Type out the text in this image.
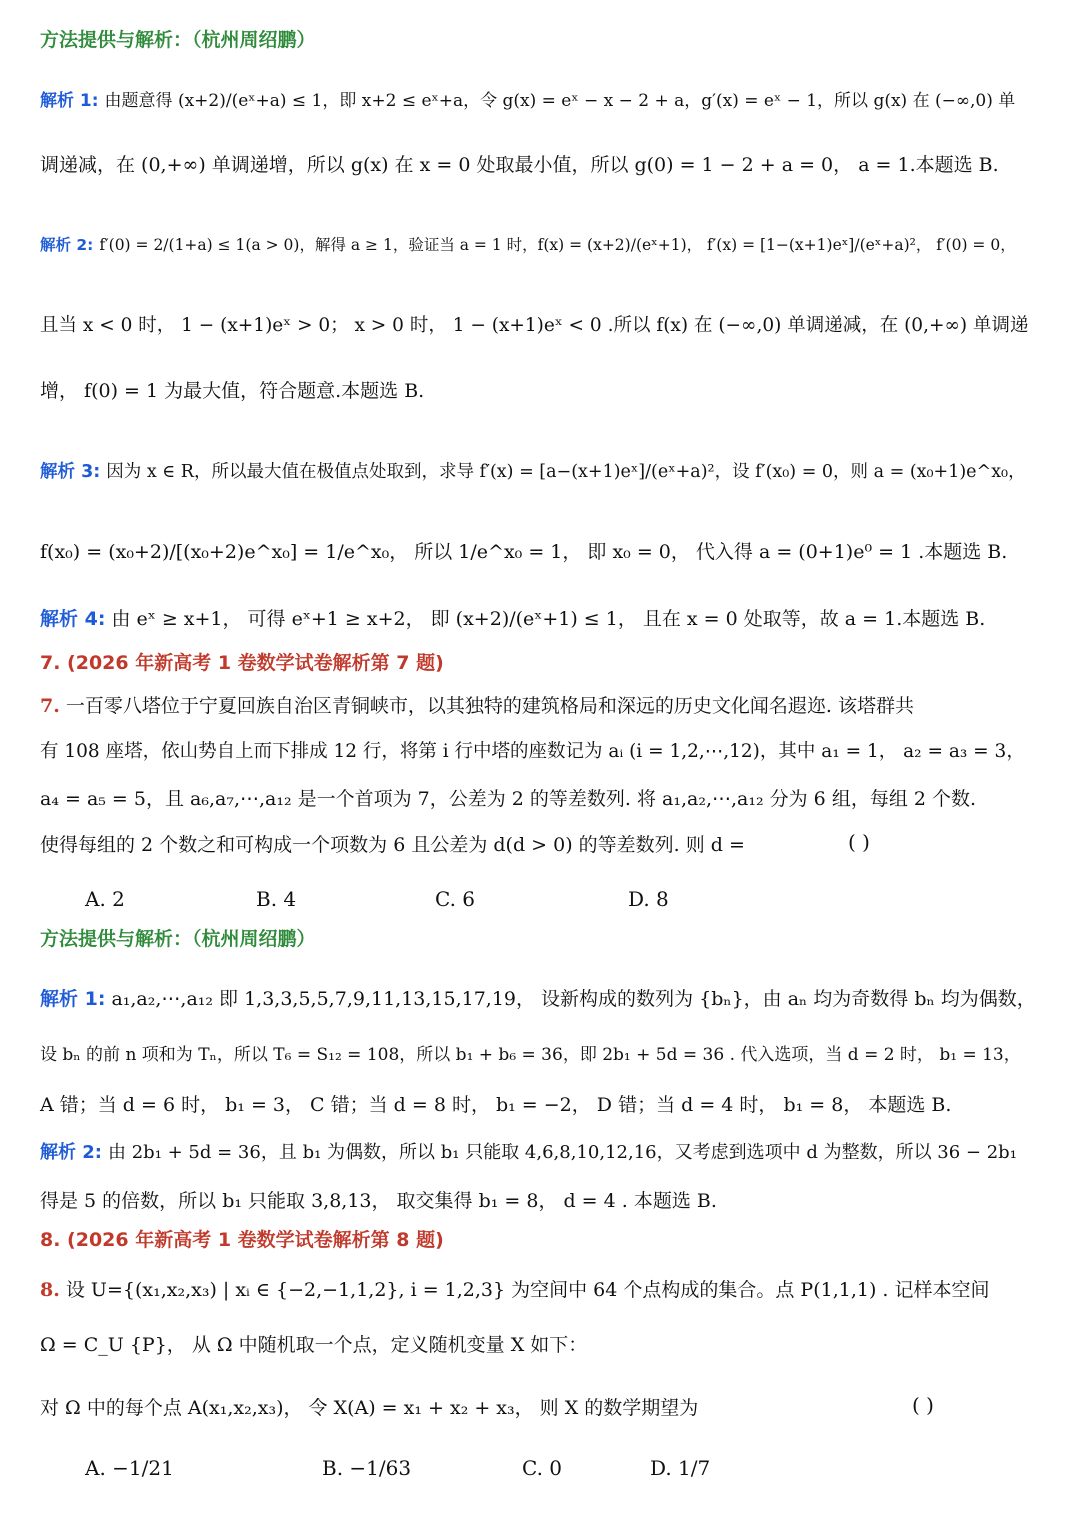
方法提供与解析：（杭州周绍鹏）
解析 1: 由题意得 (x+2)/(eˣ+a) ≤ 1，即 x+2 ≤ eˣ+a，令 g(x) = eˣ − x − 2 + a，g′(x) = eˣ − 1，所以 g(x) 在 (−∞,0) 单
调递减，在 (0,+∞) 单调递增，所以 g(x) 在 x = 0 处取最小值，所以 g(0) = 1 − 2 + a = 0， a = 1.本题选 B.
解析 2: f′(0) = 2/(1+a) ≤ 1(a > 0)，解得 a ≥ 1，验证当 a = 1 时，f(x) = (x+2)/(eˣ+1)， f′(x) = [1−(x+1)eˣ]/(eˣ+a)²， f′(0) = 0，
且当 x < 0 时， 1 − (x+1)eˣ > 0； x > 0 时， 1 − (x+1)eˣ < 0 .所以 f(x) 在 (−∞,0) 单调递减，在 (0,+∞) 单调递
增， f(0) = 1 为最大值，符合题意.本题选 B.
解析 3: 因为 x ∈ R，所以最大值在极值点处取到，求导 f′(x) = [a−(x+1)eˣ]/(eˣ+a)²，设 f′(x₀) = 0，则 a = (x₀+1)e^x₀，
f(x₀) = (x₀+2)/[(x₀+2)e^x₀] = 1/e^x₀， 所以 1/e^x₀ = 1， 即 x₀ = 0， 代入得 a = (0+1)e⁰ = 1 .本题选 B.
解析 4: 由 eˣ ≥ x+1， 可得 eˣ+1 ≥ x+2， 即 (x+2)/(eˣ+1) ≤ 1， 且在 x = 0 处取等，故 a = 1.本题选 B.
7. (2026 年新高考 1 卷数学试卷解析第 7 题)
7. 一百零八塔位于宁夏回族自治区青铜峡市，以其独特的建筑格局和深远的历史文化闻名遐迩. 该塔群共
有 108 座塔，依山势自上而下排成 12 行，将第 i 行中塔的座数记为 aᵢ (i = 1,2,⋯,12)，其中 a₁ = 1， a₂ = a₃ = 3，
a₄ = a₅ = 5，且 a₆,a₇,⋯,a₁₂ 是一个首项为 7，公差为 2 的等差数列. 将 a₁,a₂,⋯,a₁₂ 分为 6 组，每组 2 个数.
使得每组的 2 个数之和可构成一个项数为 6 且公差为 d(d > 0) 的等差数列. 则 d =	( )
A. 2	B. 4	C. 6	D. 8
方法提供与解析：（杭州周绍鹏）
解析 1: a₁,a₂,⋯,a₁₂ 即 1,3,3,5,5,7,9,11,13,15,17,19， 设新构成的数列为 {bₙ}，由 aₙ 均为奇数得 bₙ 均为偶数，
设 bₙ 的前 n 项和为 Tₙ，所以 T₆ = S₁₂ = 108，所以 b₁ + b₆ = 36，即 2b₁ + 5d = 36 . 代入选项，当 d = 2 时， b₁ = 13，
A 错；当 d = 6 时， b₁ = 3， C 错；当 d = 8 时， b₁ = −2， D 错；当 d = 4 时， b₁ = 8， 本题选 B.
解析 2: 由 2b₁ + 5d = 36，且 b₁ 为偶数，所以 b₁ 只能取 4,6,8,10,12,16，又考虑到选项中 d 为整数，所以 36 − 2b₁
得是 5 的倍数，所以 b₁ 只能取 3,8,13， 取交集得 b₁ = 8， d = 4 . 本题选 B.
8. (2026 年新高考 1 卷数学试卷解析第 8 题)
8. 设 U={(x₁,x₂,x₃) | xᵢ ∈ {−2,−1,1,2}, i = 1,2,3} 为空间中 64 个点构成的集合。点 P(1,1,1) . 记样本空间
Ω = C_U {P}， 从 Ω 中随机取一个点，定义随机变量 X 如下：
对 Ω 中的每个点 A(x₁,x₂,x₃)， 令 X(A) = x₁ + x₂ + x₃， 则 X 的数学期望为	( )
A. −1/21	B. −1/63	C. 0	D. 1/7
